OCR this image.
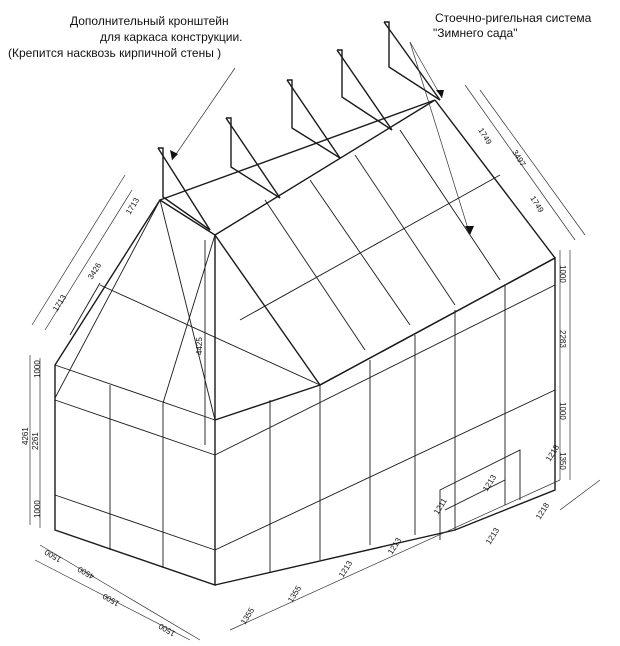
Дополнительный кронштейн
для каркаса конструкции.
(Крепится насквозь кирпичной стены )
Стоечно-ригельная система
"Зимнего сада"
3426
1713
1713
4425
4261 2261
1000
1000
1500
4500
1500
1500
1355
1355
1213
1213
1211
1213
1218
1213
1218
1749
3497
1749
1000
2283
1000
1350
